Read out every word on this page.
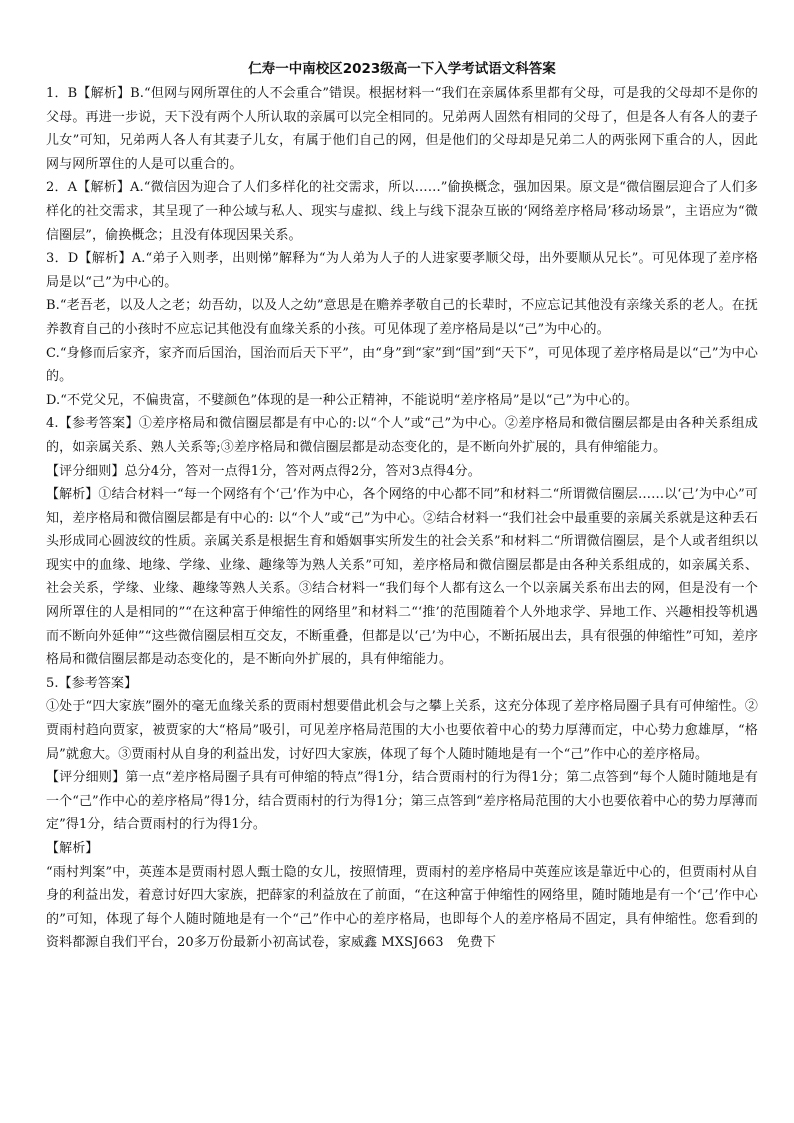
仁寿一中南校区2023级高一下入学考试语文科答案

1．B【解析】B.“但网与网所罩住的人不会重合”错误。根据材料一“我们在亲属体系里都有父母，可是我的父母却不是你的父母。再进一步说，天下没有两个人所认取的亲属可以完全相同的。兄弟两人固然有相同的父母了，但是各人有各人的妻子儿女”可知，兄弟两人各人有其妻子儿女，有属于他们自己的网，但是他们的父母却是兄弟二人的两张网下重合的人，因此网与网所罩住的人是可以重合的。

2．A【解析】A.“微信因为迎合了人们多样化的社交需求，所以……”偷换概念，强加因果。原文是“微信圈层迎合了人们多样化的社交需求，其呈现了一种公域与私人、现实与虚拟、线上与线下混杂互嵌的‘网络差序格局’移动场景”，主语应为“微信圈层”，偷换概念；且没有体现因果关系。

3．D【解析】A.“弟子入则孝，出则悌”解释为“为人弟为人子的人进家要孝顺父母，出外要顺从兄长”。可见体现了差序格局是以“己”为中心的。

B.“老吾老，以及人之老；幼吾幼，以及人之幼”意思是在赡养孝敬自己的长辈时，不应忘记其他没有亲缘关系的老人。在抚养教育自己的小孩时不应忘记其他没有血缘关系的小孩。可见体现了差序格局是以“己”为中心的。

C.“身修而后家齐，家齐而后国治，国治而后天下平”，由“身”到“家”到“国”到“天下”，可见体现了差序格局是以“己”为中心的。

D.“不党父兄，不偏贵富，不嬖颜色”体现的是一种公正精神，不能说明“差序格局”是以“己”为中心的。

4.【参考答案】①差序格局和微信圈层都是有中心的:以“个人”或“己”为中心。②差序格局和微信圈层都是由各种关系组成的，如亲属关系、熟人关系等;③差序格局和微信圈层都是动态变化的，是不断向外扩展的，具有伸缩能力。

【评分细则】总分4分，答对一点得1分，答对两点得2分，答对3点得4分。

【解析】①结合材料一“每一个网络有个‘己’作为中心，各个网络的中心都不同”和材料二“所谓微信圈层……以‘己’为中心”可知，差序格局和微信圈层都是有中心的: 以“个人”或“己”为中心。②结合材料一“我们社会中最重要的亲属关系就是这种丢石头形成同心圆波纹的性质。亲属关系是根据生育和婚姻事实所发生的社会关系”和材料二“所谓微信圈层，是个人或者组织以现实中的血缘、地缘、学缘、业缘、趣缘等为熟人关系”可知，差序格局和微信圈层都是由各种关系组成的，如亲属关系、社会关系，学缘、业缘、趣缘等熟人关系。③结合材料一“我们每个人都有这么一个以亲属关系布出去的网，但是没有一个网所罩住的人是相同的”“在这种富于伸缩性的网络里”和材料二“‘推’的范围随着个人外地求学、异地工作、兴趣相投等机遇而不断向外延伸”“这些微信圈层相互交友，不断重叠，但都是以‘己’为中心，不断拓展出去，具有很强的伸缩性”可知，差序格局和微信圈层都是动态变化的，是不断向外扩展的，具有伸缩能力。

5.【参考答案】

①处于“四大家族”圈外的毫无血缘关系的贾雨村想要借此机会与之攀上关系，这充分体现了差序格局圈子具有可伸缩性。②贾雨村趋向贾家，被贾家的大“格局”吸引，可见差序格局范围的大小也要依着中心的势力厚薄而定，中心势力愈雄厚，“格局”就愈大。③贾雨村从自身的利益出发，讨好四大家族，体现了每个人随时随地是有一个“己”作中心的差序格局。

【评分细则】第一点“差序格局圈子具有可伸缩的特点”得1分，结合贾雨村的行为得1分；第二点答到“每个人随时随地是有一个“己”作中心的差序格局”得1分，结合贾雨村的行为得1分；第三点答到“差序格局范围的大小也要依着中心的势力厚薄而定”得1分，结合贾雨村的行为得1分。

【解析】

“雨村判案”中，英莲本是贾雨村恩人甄士隐的女儿，按照情理，贾雨村的差序格局中英莲应该是靠近中心的，但贾雨村从自身的利益出发，着意讨好四大家族，把薛家的利益放在了前面，“在这种富于伸缩性的网络里，随时随地是有一个‘己’作中心的”可知，体现了每个人随时随地是有一个“己”作中心的差序格局，也即每个人的差序格局不固定，具有伸缩性。您看到的资料都源自我们平台，20多万份最新小初高试卷，家威鑫 MXSJ663　免费下
